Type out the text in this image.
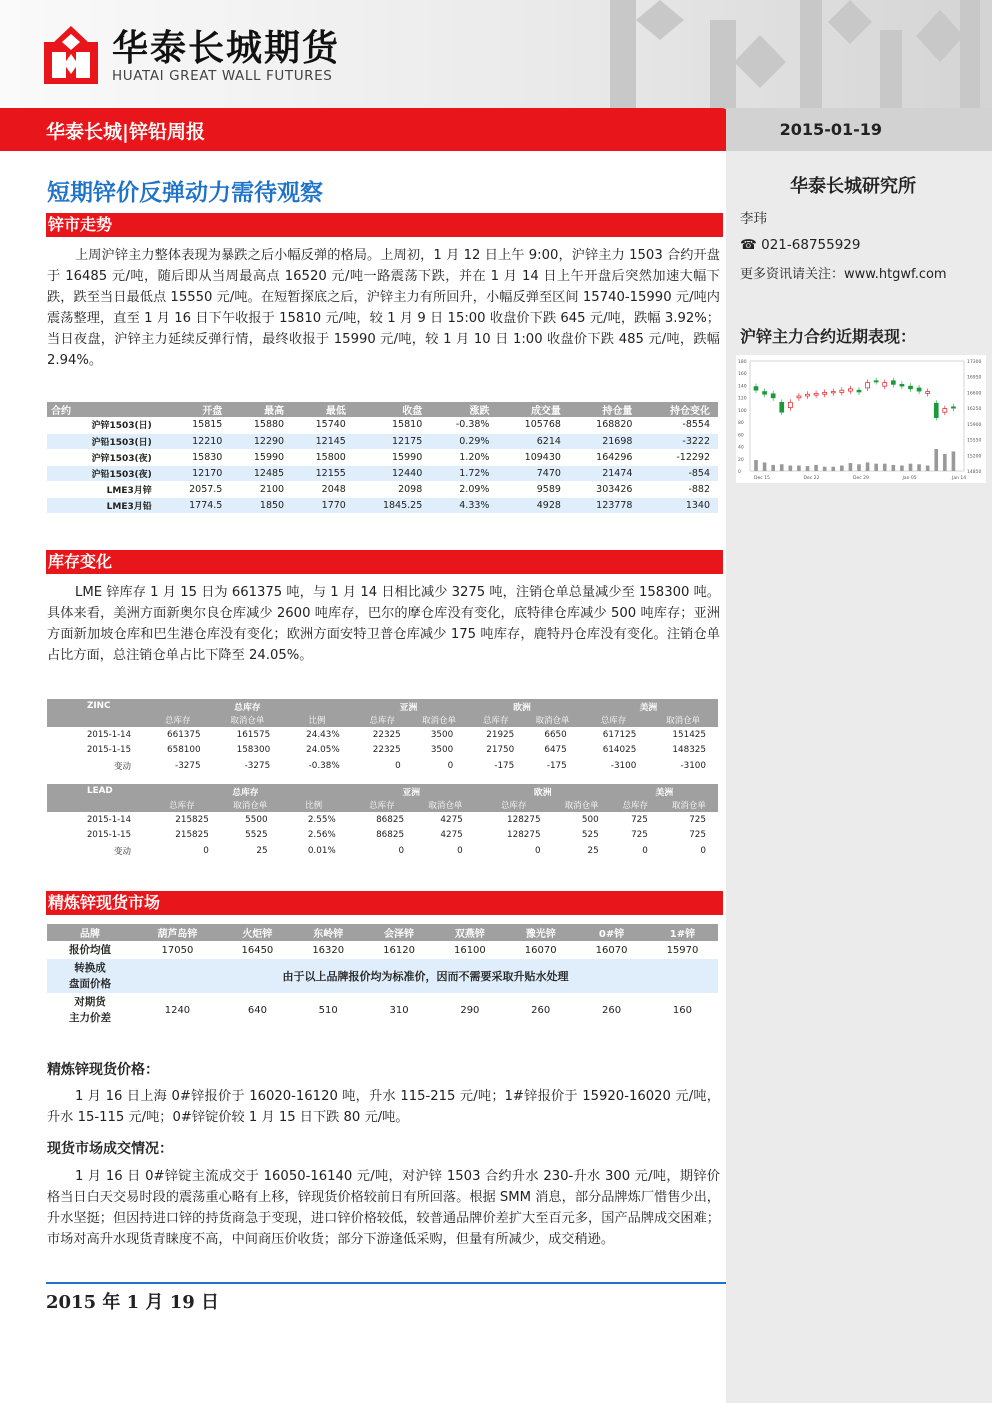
华泰长城期货
HUATAI GREAT WALL FUTURES
华泰长城|锌铅周报	2015-01-19
华泰长城研究所
李玮
☎ 021-68755929
更多资讯请关注：www.htgwf.com
沪锌主力合约近期表现：
180
160
140
120
100
80
60
40
20
0
17300
16950
16600
16250
15900
15550
15200
14850
Dec 15	Dec 22	Dec 29	Jan 05	Jan 14
短期锌价反弹动力需待观察
锌市走势
上周沪锌主力整体表现为暴跌之后小幅反弹的格局。上周初，1 月 12 日上午 9:00，沪锌主力 1503 合约开盘于 16485 元/吨，随后即从当周最高点 16520 元/吨一路震荡下跌，并在 1 月 14 日上午开盘后突然加速大幅下跌，跌至当日最低点 15550 元/吨。在短暂探底之后，沪锌主力有所回升，小幅反弹至区间 15740-15990 元/吨内震荡整理，直至 1 月 16 日下午收报于 15810 元/吨，较 1 月 9 日 15:00 收盘价下跌 645 元/吨，跌幅 3.92%；当日夜盘，沪锌主力延续反弹行情，最终收报于 15990 元/吨，较 1 月 10 日 1:00 收盘价下跌 485 元/吨，跌幅 2.94%。
合约	开盘	最高	最低	收盘	涨跌	成交量	持仓量	持仓变化
沪锌1503(日)	15815	15880	15740	15810	-0.38%	105768	168820	-8554
沪铅1503(日)	12210	12290	12145	12175	0.29%	6214	21698	-3222
沪锌1503(夜)	15830	15990	15800	15990	1.20%	109430	164296	-12292
沪铅1503(夜)	12170	12485	12155	12440	1.72%	7470	21474	-854
LME3月锌	2057.5	2100	2048	2098	2.09%	9589	303426	-882
LME3月铅	1774.5	1850	1770	1845.25	4.33%	4928	123778	1340
库存变化
LME 锌库存 1 月 15 日为 661375 吨，与 1 月 14 日相比减少 3275 吨，注销仓单总量减少至 158300 吨。具体来看，美洲方面新奥尔良仓库减少 2600 吨库存，巴尔的摩仓库没有变化，底特律仓库减少 500 吨库存；亚洲方面新加坡仓库和巴生港仓库没有变化；欧洲方面安特卫普仓库减少 175 吨库存，鹿特丹仓库没有变化。注销仓单占比方面，总注销仓单占比下降至 24.05%。
ZINC	总库存			亚洲		欧洲		美洲	
	总库存	取消仓单	比例	总库存	取消仓单	总库存	取消仓单	总库存	取消仓单
2015-1-14	661375	161575	24.43%	22325	3500	21925	6650	617125	151425
2015-1-15	658100	158300	24.05%	22325	3500	21750	6475	614025	148325
变动	-3275	-3275	-0.38%	0	0	-175	-175	-3100	-3100
LEAD	总库存			亚洲		欧洲		美洲	
	总库存	取消仓单	比例	总库存	取消仓单	总库存	取消仓单	总库存	取消仓单
2015-1-14	215825	5500	2.55%	86825	4275	128275	500	725	725
2015-1-15	215825	5525	2.56%	86825	4275	128275	525	725	725
变动	0	25	0.01%	0	0	0	25	0	0
精炼锌现货市场
品牌	葫芦岛锌	火炬锌	东岭锌	会泽锌	双燕锌	豫光锌	0#锌	1#锌
报价均值	17050	16450	16320	16120	16100	16070	16070	15970
转换成
盘面价格	由于以上品牌报价均为标准价，因而不需要采取升贴水处理							
对期货
主力价差	1240	640	510	310	290	260	260	160
精炼锌现货价格：
1 月 16 日上海 0#锌报价于 16020-16120 吨，升水 115-215 元/吨；1#锌报价于 15920-16020 元/吨，升水 15-115 元/吨；0#锌锭价较 1 月 15 日下跌 80 元/吨。
现货市场成交情况：
1 月 16 日 0#锌锭主流成交于 16050-16140 元/吨，对沪锌 1503 合约升水 230-升水 300 元/吨，期锌价格当日白天交易时段的震荡重心略有上移，锌现货价格较前日有所回落。根据 SMM 消息，部分品牌炼厂惜售少出，升水坚挺；但因持进口锌的持货商急于变现，进口锌价格较低，较普通品牌价差扩大至百元多，国产品牌成交困难；市场对高升水现货青睐度不高，中间商压价收货；部分下游逢低采购，但量有所减少，成交稍逊。
2015 年 1 月 19 日
